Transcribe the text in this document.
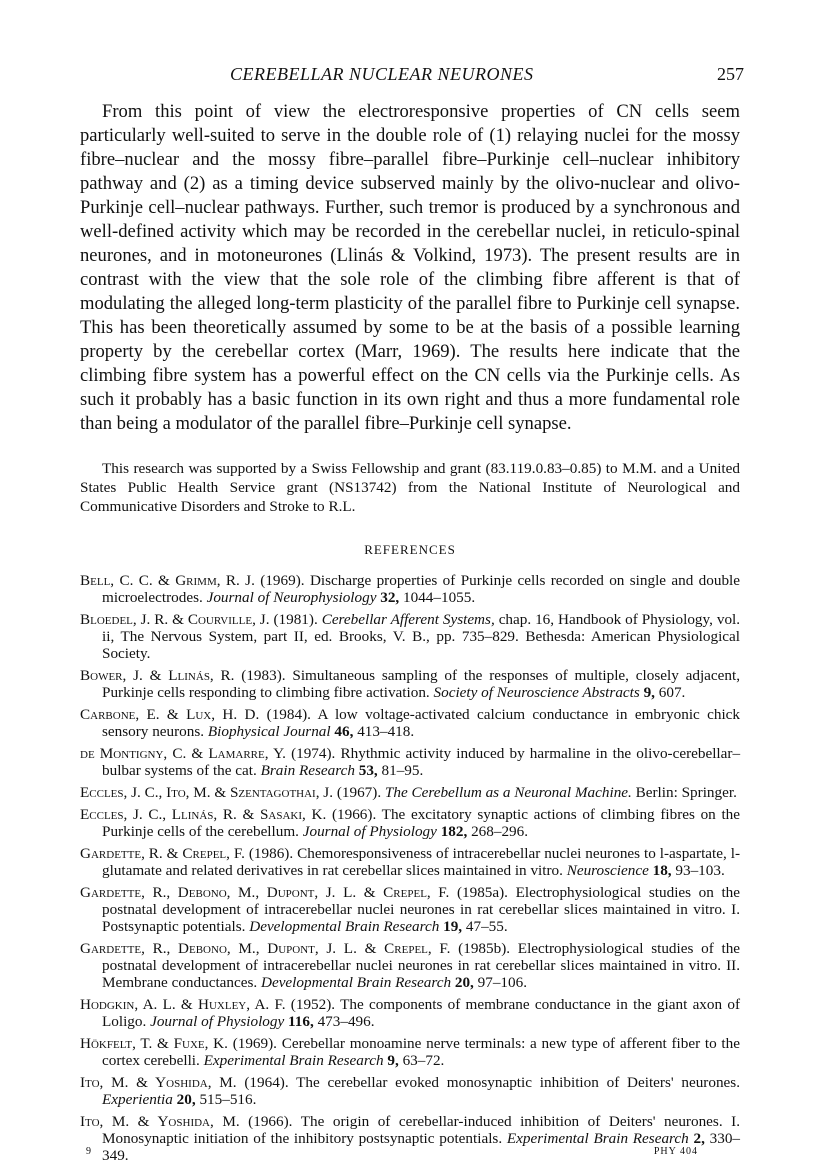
CEREBELLAR NUCLEAR NEURONES	257

From this point of view the electroresponsive properties of CN cells seem particularly well-suited to serve in the double role of (1) relaying nuclei for the mossy fibre–nuclear and the mossy fibre–parallel fibre–Purkinje cell–nuclear inhibitory pathway and (2) as a timing device subserved mainly by the olivo-nuclear and olivo-Purkinje cell–nuclear pathways. Further, such tremor is produced by a synchronous and well-defined activity which may be recorded in the cerebellar nuclei, in reticulo-spinal neurones, and in motoneurones (Llinás & Volkind, 1973). The present results are in contrast with the view that the sole role of the climbing fibre afferent is that of modulating the alleged long-term plasticity of the parallel fibre to Purkinje cell synapse. This has been theoretically assumed by some to be at the basis of a possible learning property by the cerebellar cortex (Marr, 1969). The results here indicate that the climbing fibre system has a powerful effect on the CN cells via the Purkinje cells. As such it probably has a basic function in its own right and thus a more fundamental role than being a modulator of the parallel fibre–Purkinje cell synapse.

This research was supported by a Swiss Fellowship and grant (83.119.0.83–0.85) to M.M. and a United States Public Health Service grant (NS13742) from the National Institute of Neurological and Communicative Disorders and Stroke to R.L.

REFERENCES
Bell, C. C. & Grimm, R. J. (1969). Discharge properties of Purkinje cells recorded on single and double microelectrodes. Journal of Neurophysiology 32, 1044–1055.
Bloedel, J. R. & Courville, J. (1981). Cerebellar Afferent Systems, chap. 16, Handbook of Physiology, vol. ii, The Nervous System, part II, ed. Brooks, V. B., pp. 735–829. Bethesda: American Physiological Society.
Bower, J. & Llinás, R. (1983). Simultaneous sampling of the responses of multiple, closely adjacent, Purkinje cells responding to climbing fibre activation. Society of Neuroscience Abstracts 9, 607.
Carbone, E. & Lux, H. D. (1984). A low voltage-activated calcium conductance in embryonic chick sensory neurons. Biophysical Journal 46, 413–418.
de Montigny, C. & Lamarre, Y. (1974). Rhythmic activity induced by harmaline in the olivo-cerebellar–bulbar systems of the cat. Brain Research 53, 81–95.
Eccles, J. C., Ito, M. & Szentagothai, J. (1967). The Cerebellum as a Neuronal Machine. Berlin: Springer.
Eccles, J. C., Llinás, R. & Sasaki, K. (1966). The excitatory synaptic actions of climbing fibres on the Purkinje cells of the cerebellum. Journal of Physiology 182, 268–296.
Gardette, R. & Crepel, F. (1986). Chemoresponsiveness of intracerebellar nuclei neurones to l-aspartate, l-glutamate and related derivatives in rat cerebellar slices maintained in vitro. Neuroscience 18, 93–103.
Gardette, R., Debono, M., Dupont, J. L. & Crepel, F. (1985a). Electrophysiological studies on the postnatal development of intracerebellar nuclei neurones in rat cerebellar slices maintained in vitro. I. Postsynaptic potentials. Developmental Brain Research 19, 47–55.
Gardette, R., Debono, M., Dupont, J. L. & Crepel, F. (1985b). Electrophysiological studies of the postnatal development of intracerebellar nuclei neurones in rat cerebellar slices maintained in vitro. II. Membrane conductances. Developmental Brain Research 20, 97–106.
Hodgkin, A. L. & Huxley, A. F. (1952). The components of membrane conductance in the giant axon of Loligo. Journal of Physiology 116, 473–496.
Hökfelt, T. & Fuxe, K. (1969). Cerebellar monoamine nerve terminals: a new type of afferent fiber to the cortex cerebelli. Experimental Brain Research 9, 63–72.
Ito, M. & Yoshida, M. (1964). The cerebellar evoked monosynaptic inhibition of Deiters' neurones. Experientia 20, 515–516.
Ito, M. & Yoshida, M. (1966). The origin of cerebellar-induced inhibition of Deiters' neurones. I. Monosynaptic initiation of the inhibitory postsynaptic potentials. Experimental Brain Research 2, 330–349.
9	PHY 404
